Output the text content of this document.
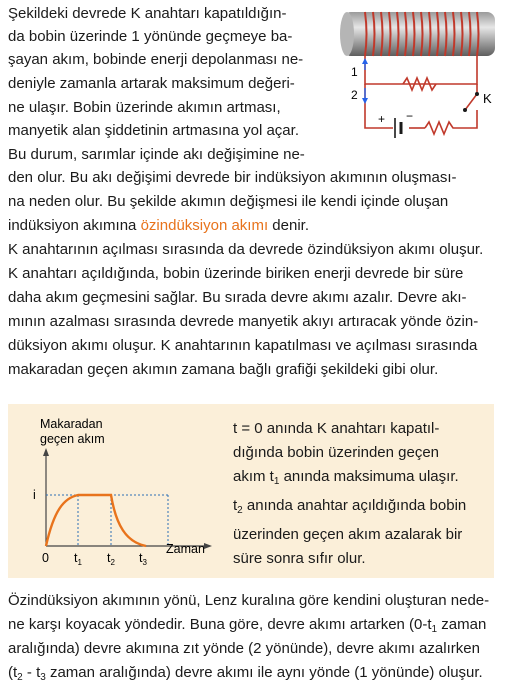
Şekildeki devrede K anahtarı kapatıldığın-

da bobin üzerinde 1 yönünde geçmeye ba-

şayan akım, bobinde enerji depolanması ne-

deniyle zamanla artarak maksimum değeri-

ne ulaşır. Bobin üzerinde akımın artması,

manyetik alan şiddetinin artmasına yol açar.

Bu durum, sarımlar içinde akı değişimine ne-

den olur. Bu akı değişimi devrede bir indüksiyon akımının oluşması-

na neden olur. Bu şekilde akımın değişmesi ile kendi içinde oluşan

indüksiyon akımına özindüksiyon akımı denir.

K anahtarının açılması sırasında da devrede özindüksiyon akımı oluşur.

K anahtarı açıldığında, bobin üzerinde biriken enerji devrede bir süre

daha akım geçmesini sağlar. Bu sırada devre akımı azalır. Devre akı-

mının azalması sırasında devrede manyetik akıyı artıracak yönde özin-

düksiyon akımı oluşur. K anahtarının kapatılması ve açılması sırasında

makaradan geçen akımın zamana bağlı grafiği şekildeki gibi olur.

+ −
K
1
2
Makaradan
geçen akım
i
0 $t_1$ $t_2$ $t_3$
Zaman
t = 0 anında K anahtarı kapatıl-
dığında bobin üzerinden geçen
akım $t_1$ anında maksimuma ulaşır.
$t_2$ anında anahtar açıldığında bobin
üzerinden geçen akım azalarak bir
süre sonra sıfır olur.

Özindüksiyon akımının yönü, Lenz kuralına göre kendini oluşturan nede-

ne karşı koyacak yöndedir. Buna göre, devre akımı artarken ($0-t_1$ zaman

aralığında) devre akımına zıt yönde (2 yönünde), devre akımı azalırken

($t_2 - t_3$ zaman aralığında) devre akımı ile aynı yönde (1 yönünde) oluşur.
